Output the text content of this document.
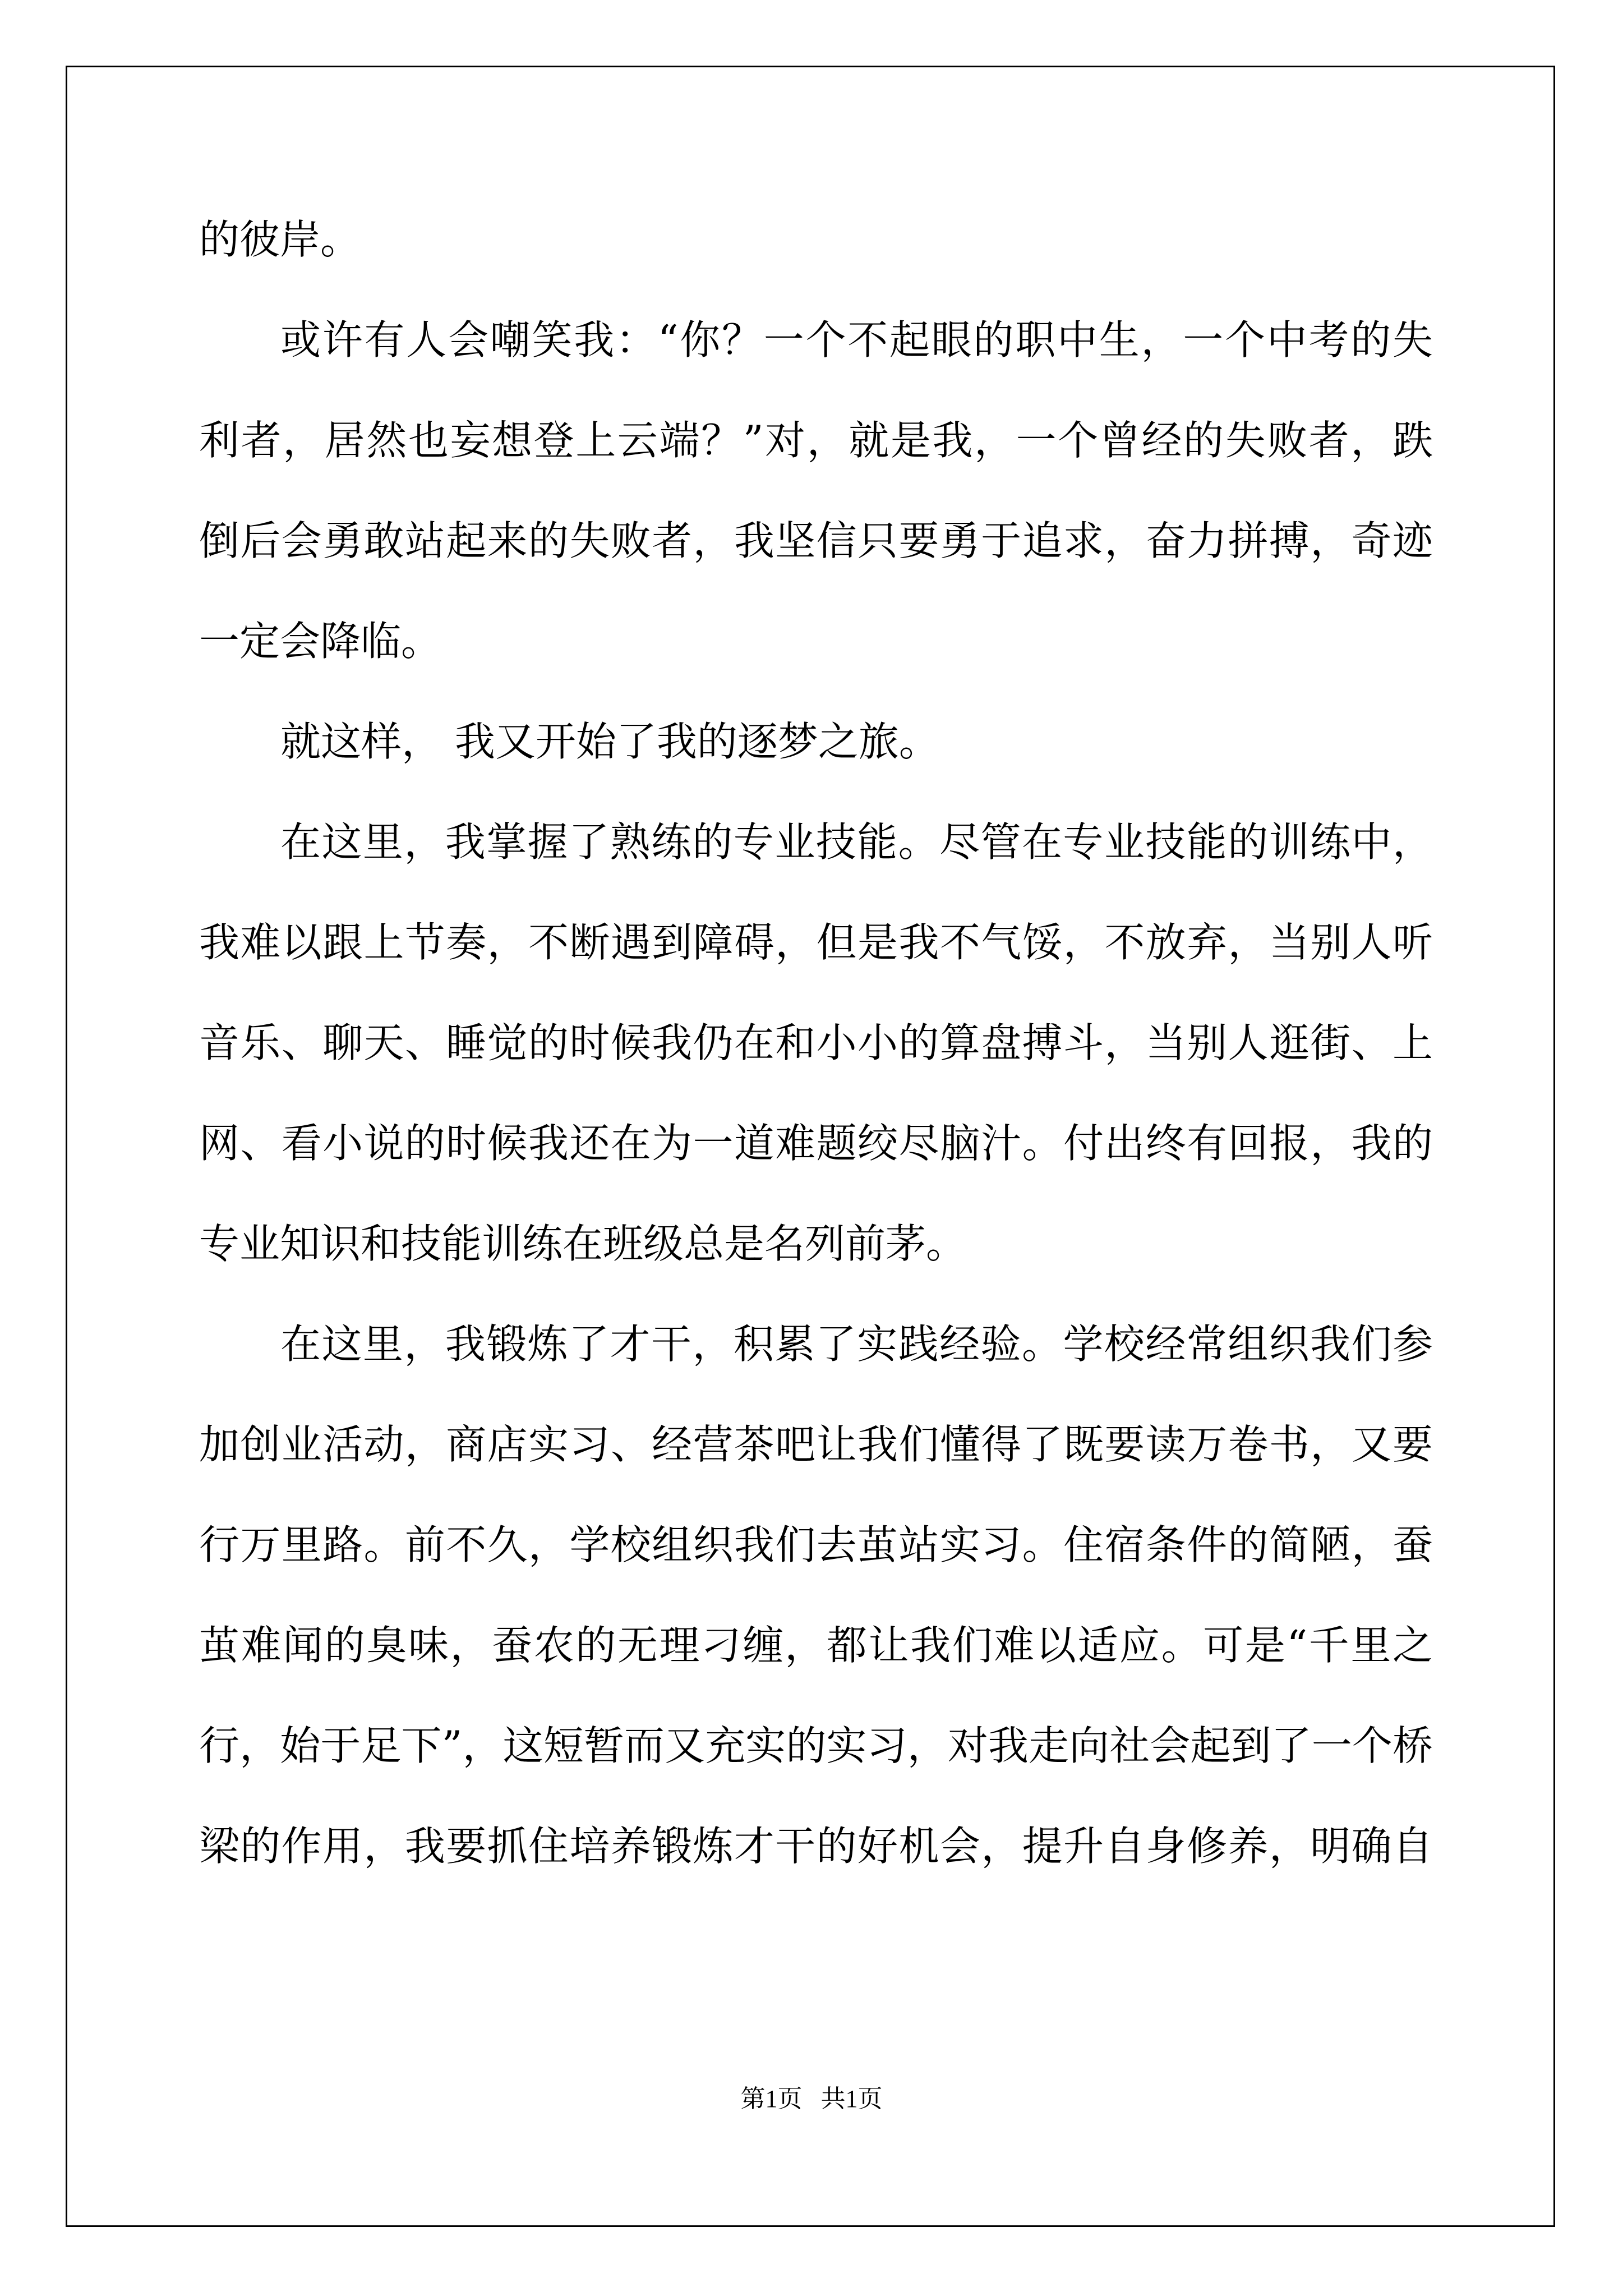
的彼岸。
或许有人会嘲笑我：“你？一个不起眼的职中生，一个中考的失
利者，居然也妄想登上云端？”对，就是我，一个曾经的失败者，跌
倒后会勇敢站起来的失败者，我坚信只要勇于追求，奋力拼搏，奇迹
一定会降临。
就这样， 我又开始了我的逐梦之旅。
在这里，我掌握了熟练的专业技能。尽管在专业技能的训练中，
我难以跟上节奏，不断遇到障碍，但是我不气馁，不放弃，当别人听
音乐、聊天、睡觉的时候我仍在和小小的算盘搏斗，当别人逛街、上
网、看小说的时候我还在为一道难题绞尽脑汁。付出终有回报，我的
专业知识和技能训练在班级总是名列前茅。
在这里，我锻炼了才干，积累了实践经验。学校经常组织我们参
加创业活动，商店实习、经营茶吧让我们懂得了既要读万卷书，又要
行万里路。前不久，学校组织我们去茧站实习。住宿条件的简陋，蚕
茧难闻的臭味，蚕农的无理刁缠，都让我们难以适应。可是“千里之
行，始于足下”，这短暂而又充实的实习，对我走向社会起到了一个桥
梁的作用，我要抓住培养锻炼才干的好机会，提升自身修养，明确自
第1页   共1页
